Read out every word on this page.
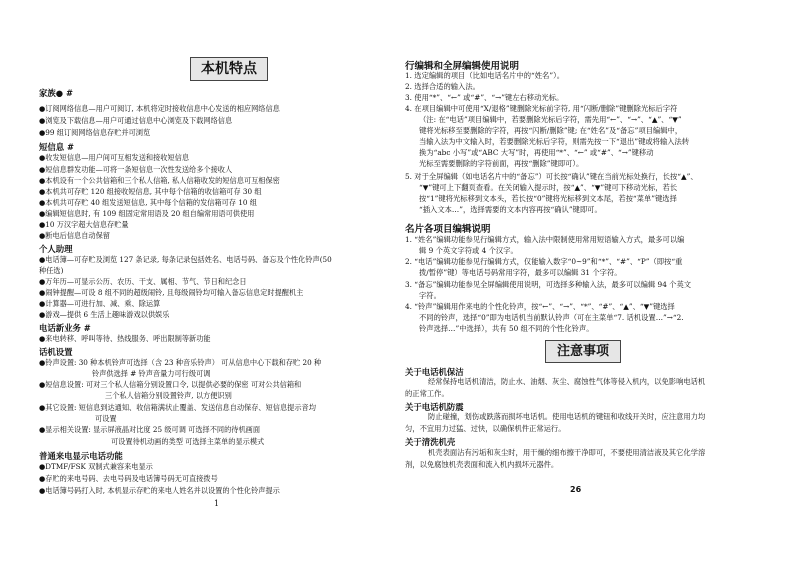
本机特点
家族● #
●订阅网络信息—用户可阅订, 本机将定时接收信息中心发送的相应网络信息
●浏览及下载信息—用户可通过信息中心浏览及下载网络信息
●99 组订阅网络信息存贮并可浏览
短信息 #
●收发短信息—用户间可互相发送和接收短信息
●短信息群发功能—可将一条短信息一次性发送给多个接收人
●本机设有一个公共信箱和三个私人信箱, 私人信箱收发的短信息可互相保密
●本机共可存贮 120 组接收短信息, 其中每个信箱的收信箱可存 30 组
●本机共可存贮 40 组发送短信息, 其中每个信箱的发信箱可存 10 组
●编辑短信息时, 有 109 组固定常用语及 20 组自编常用语可供使用
●10 万汉字超大信息存贮量
●断电后信息自动保留
个人助理
●电话簿—可存贮及浏览 127 条记录, 每条记录包括姓名、电话号码、备忘及个性化铃声(50
种任选)
●万年历—可显示公历、农历、干支、属相、节气、节日和纪念日
●闹钟提醒—可设 8 组不同的超级闹铃, 且每级闹铃均可输入备忘信息定时提醒机主
●计算器—可进行加、减、乘、除运算
●游戏—提供 6 生活上趣味游戏以供娱乐
电话新业务 #
●来电转移、呼叫等待、热线服务、呼出限制等新功能
话机设置
●铃声设置: 30 种本机铃声可选择（含 23 种音乐铃声） 可从信息中心下载和存贮 20 种
铃声供选择 # 铃声音量力可行级可调
●短信息设置: 可对三个私人信箱分别设置口令, 以提供必要的保密 可对公共信箱和
三个私人信箱分别设置铃声, 以方便识别
●其它设置: 短信息到达通知、收信箱满状止覆盖、发送信息自动保存、短信息提示音均
可设置
●显示相关设置: 显示屏液晶对比度 25 级可调 可选择不同的待机画面
可设置待机动画的类型 可选择主菜单的显示模式
普通来电显示电话功能
●DTMF/FSK 双制式兼容来电显示
●存贮的来电号码、去电号码及电话簿号码无可直接拨号
●电话簿号码打入时, 本机显示存贮的来电人姓名并以设置的个性化铃声提示
1
行编辑和全屏编辑使用说明
1. 选定编辑的项目（比如电话名片中的“姓名”）。
2. 选择合适的输入法。
3. 使用“*”、“←” 或“#”、“→”键左右移动光标。
4. 在项目编辑中可使用“X/退格”键删除光标前字符, 用“闪断/删除”键删除光标后字符
（注: 在“电话”项目编辑中，若要删除光标后字符，需先用“←”、“→”、“▲”、“▼”
键将光标移至要删除的字符，再按“闪断/删除”键; 在“姓名”及“备忘”项目编辑中，
当输入法为中文输入时，若要删除光标后字符，则需先按一下“退出”键或将输入法转
换为“abc 小写”或“ABC 大写”时，再使用“*”、“←” 或“#”、“→”键移动
光标至需要删除的字符前面，再按“删除”键即可）。
5. 对于全屏编辑（如电话名片中的“备忘”）可长按“确认”键在当前光标处换行，长按“▲”、
“▼”键可上下翻页查看。在关闭输入提示时，按“▲”、“▼”键可下移动光标，若长
按“1”键将光标移到文本头，若长按“0”键将光标移到文本尾，若按“菜单”键选择
“插入文本…”，选择需要的文本内容再按“确认”键即可。
名片各项目编辑说明
1. “姓名”编辑功能参见行编辑方式，输入法中限制使用常用短语输入方式，最多可以编
辑 9 个英文字符或 4 个汉字。
2. “电话”编辑功能参见行编辑方式，仅能输入数字“0~9”和“*”、“#”、“P”（即按“重
拨/暂停”键）等电话号码常用字符，最多可以编辑 31 个字符。
3. “备忘”编辑功能参见全屏编辑使用说明，可选择多种输入法，最多可以编辑 94 个英文
字符。
4. “铃声”编辑用作来电的个性化铃声，按“←”、“→”、“*”、“#”、“▲”、“▼”键选择
不同的铃声，选择“0”即为电话机当前默认铃声（可在主菜单“7. 话机设置…”→“2.
铃声选择…”中选择），共有 50 组不同的个性化铃声。
注意事项
关于电话机保洁
经常保持电话机清洁，防止水、油烟、灰尘、腐蚀性气体等侵入机内，以免影响电话机
的正常工作。
关于电话机防震
防止碰撞，划伤或跌落而损坏电话机。使用电话机的键钮和收线开关时，应注意用力均
匀，不宜用力过猛、过快，以确保机件正常运行。
关于清洗机壳
机壳表面沾有污垢和灰尘时，用干燥的细布擦干净即可，不要使用清洁液及其它化学溶
剂，以免腐蚀机壳表面和流入机内损坏元器件。
26
